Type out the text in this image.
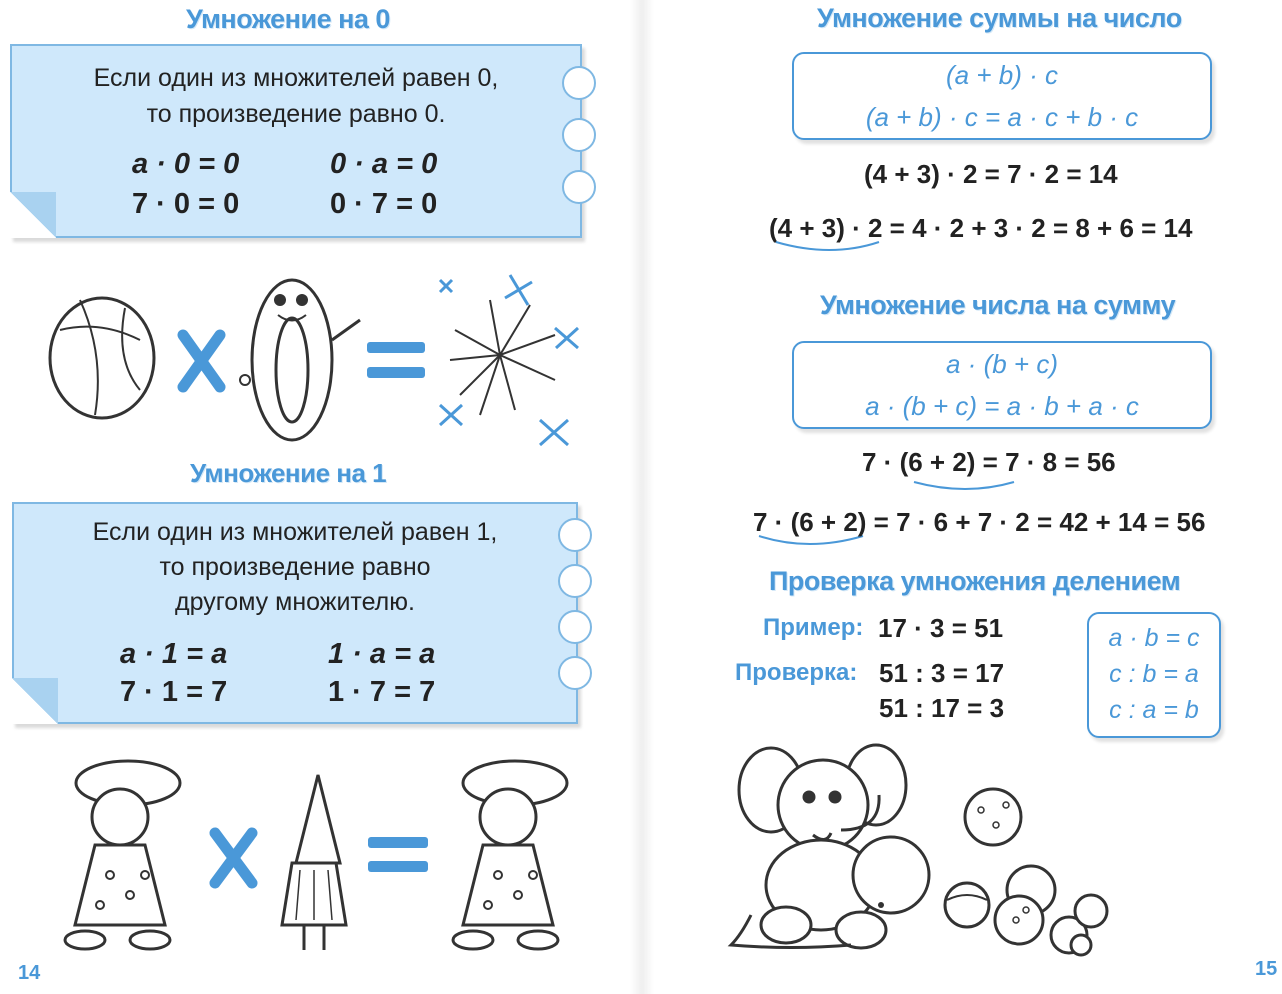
Умножение на 0
Если один из множителей равен 0,
то произведение равно 0.
a · 0 = 0	0 · a = 0
7 · 0 = 0	0 · 7 = 0
Умножение на 1
Если один из множителей равен 1,
то произведение равно
другому множителю.
a · 1 = a	1 · a = a
7 · 1 = 7	1 · 7 = 7
14
Умножение суммы на число
(a + b) · c
(a + b) · c = a · c + b · c
(4 + 3) · 2 = 7 · 2 = 14
(4 + 3) · 2 = 4 · 2 + 3 · 2 = 8 + 6 = 14
Умножение числа на сумму
a · (b + c)
a · (b + c) = a · b + a · c
7 · (6 + 2) = 7 · 8 = 56
7 · (6 + 2) = 7 · 6 + 7 · 2 = 42 + 14 = 56
Проверка умножения делением
Пример: 17 · 3 = 51
Проверка: 51 : 3 = 17
51 : 17 = 3
a · b = c
c : b = a
c : a = b
15
